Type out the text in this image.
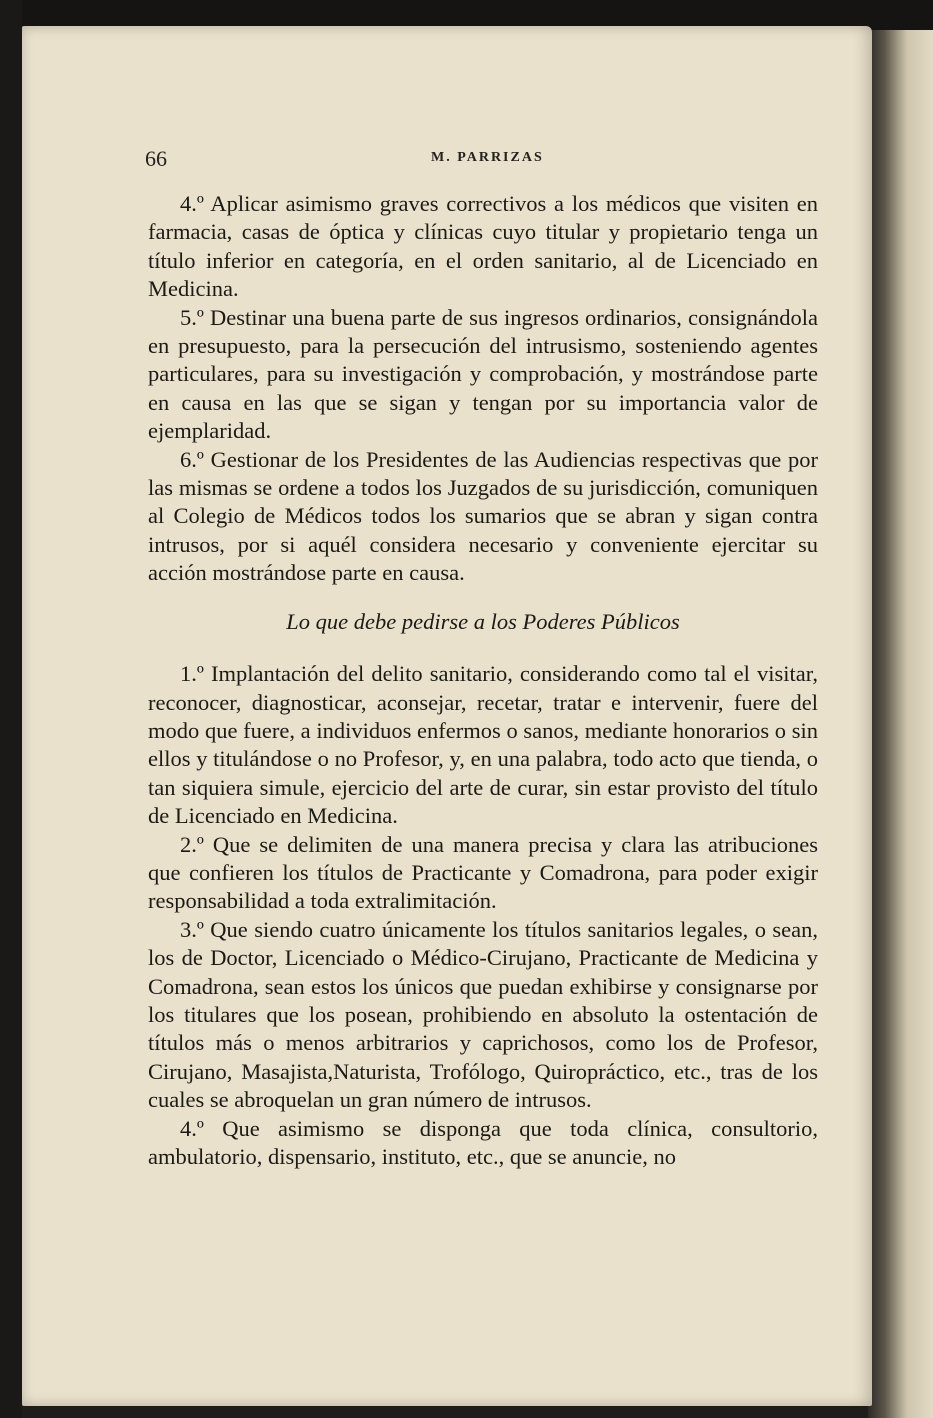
66	M. PARRIZAS

4.º Aplicar asimismo graves correctivos a los médicos que visiten en farmacia, casas de óptica y clínicas cuyo titular y propietario tenga un título inferior en categoría, en el orden sanitario, al de Licenciado en Medicina.

5.º Destinar una buena parte de sus ingresos ordinarios, consignándola en presupuesto, para la persecución del intrusismo, sosteniendo agentes particulares, para su investigación y comprobación, y mostrándose parte en causa en las que se sigan y tengan por su importancia valor de ejemplaridad.

6.º Gestionar de los Presidentes de las Audiencias respectivas que por las mismas se ordene a todos los Juzgados de su jurisdicción, comuniquen al Colegio de Médicos todos los sumarios que se abran y sigan contra intrusos, por si aquél considera necesario y conveniente ejercitar su acción mostrándose parte en causa.

Lo que debe pedirse a los Poderes Públicos

1.º Implantación del delito sanitario, considerando como tal el visitar, reconocer, diagnosticar, aconsejar, recetar, tratar e intervenir, fuere del modo que fuere, a individuos enfermos o sanos, mediante honorarios o sin ellos y titulándose o no Profesor, y, en una palabra, todo acto que tienda, o tan siquiera simule, ejercicio del arte de curar, sin estar provisto del título de Licenciado en Medicina.

2.º Que se delimiten de una manera precisa y clara las atribuciones que confieren los títulos de Practicante y Comadrona, para poder exigir responsabilidad a toda extralimitación.

3.º Que siendo cuatro únicamente los títulos sanitarios legales, o sean, los de Doctor, Licenciado o Médico-Cirujano, Practicante de Medicina y Comadrona, sean estos los únicos que puedan exhibirse y consignarse por los titulares que los posean, prohibiendo en absoluto la ostentación de títulos más o menos arbitrarios y caprichosos, como los de Profesor, Cirujano, Masajista,Naturista, Trofólogo, Quiropráctico, etc., tras de los cuales se abroquelan un gran número de intrusos.

4.º Que asimismo se disponga que toda clínica, consultorio, ambulatorio, dispensario, instituto, etc., que se anuncie, no
